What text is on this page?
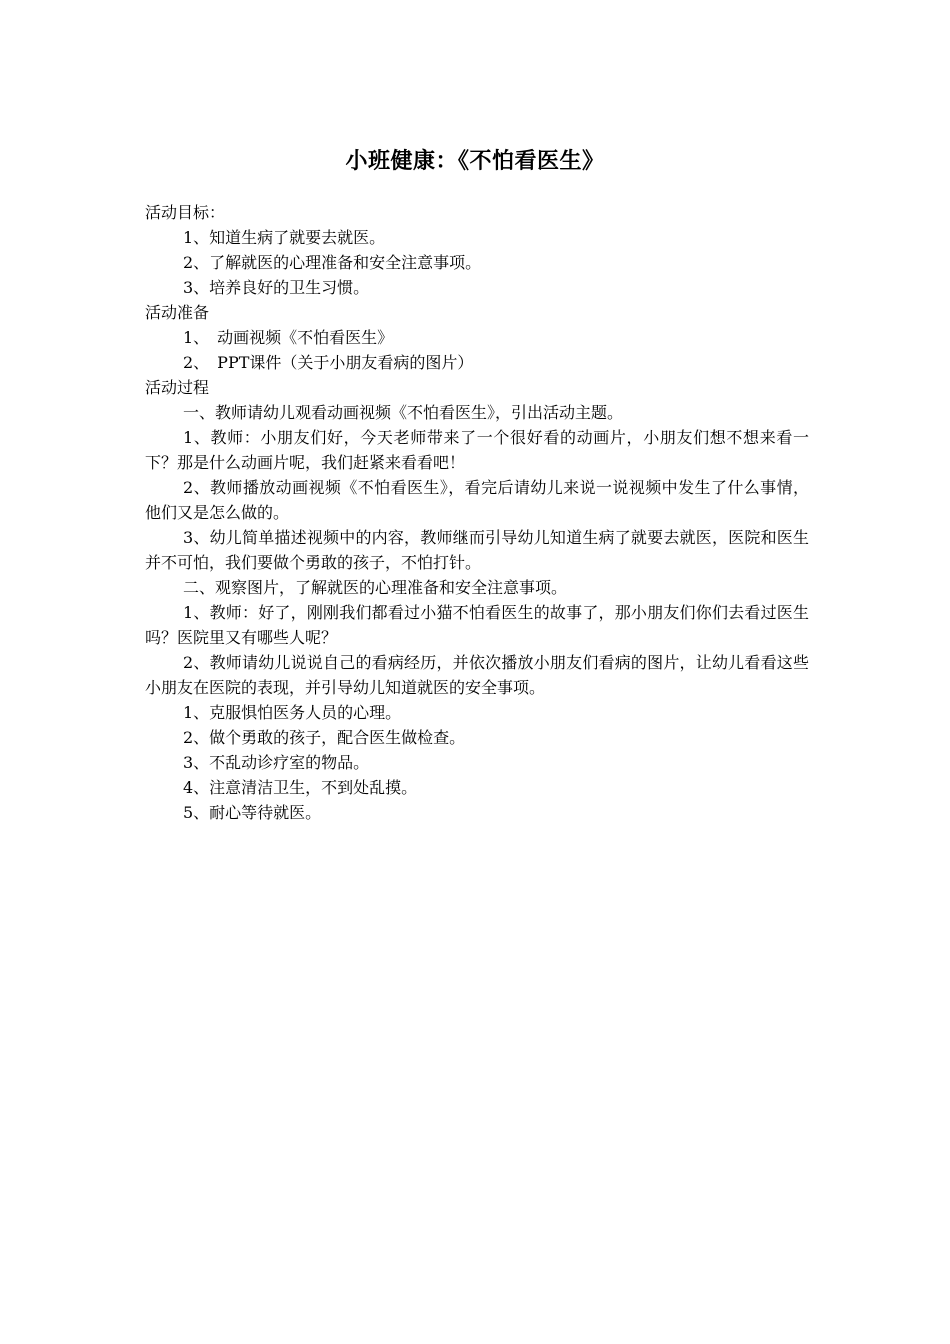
小班健康：《不怕看医生》

活动目标：

1、知道生病了就要去就医。

2、了解就医的心理准备和安全注意事项。

3、培养良好的卫生习惯。

活动准备

1、　动画视频《不怕看医生》

2、　PPT课件（关于小朋友看病的图片）

活动过程

一、教师请幼儿观看动画视频《不怕看医生》，引出活动主题。

1、教师：小朋友们好，今天老师带来了一个很好看的动画片，小朋友们想不想来看一下？那是什么动画片呢，我们赶紧来看看吧！

2、教师播放动画视频《不怕看医生》，看完后请幼儿来说一说视频中发生了什么事情，他们又是怎么做的。

3、幼儿简单描述视频中的内容，教师继而引导幼儿知道生病了就要去就医，医院和医生并不可怕，我们要做个勇敢的孩子，不怕打针。

二、观察图片，了解就医的心理准备和安全注意事项。

1、教师：好了，刚刚我们都看过小猫不怕看医生的故事了，那小朋友们你们去看过医生吗？医院里又有哪些人呢？

2、教师请幼儿说说自己的看病经历，并依次播放小朋友们看病的图片，让幼儿看看这些小朋友在医院的表现，并引导幼儿知道就医的安全事项。

1、克服惧怕医务人员的心理。

2、做个勇敢的孩子，配合医生做检查。

3、不乱动诊疗室的物品。

4、注意清洁卫生，不到处乱摸。

5、耐心等待就医。
